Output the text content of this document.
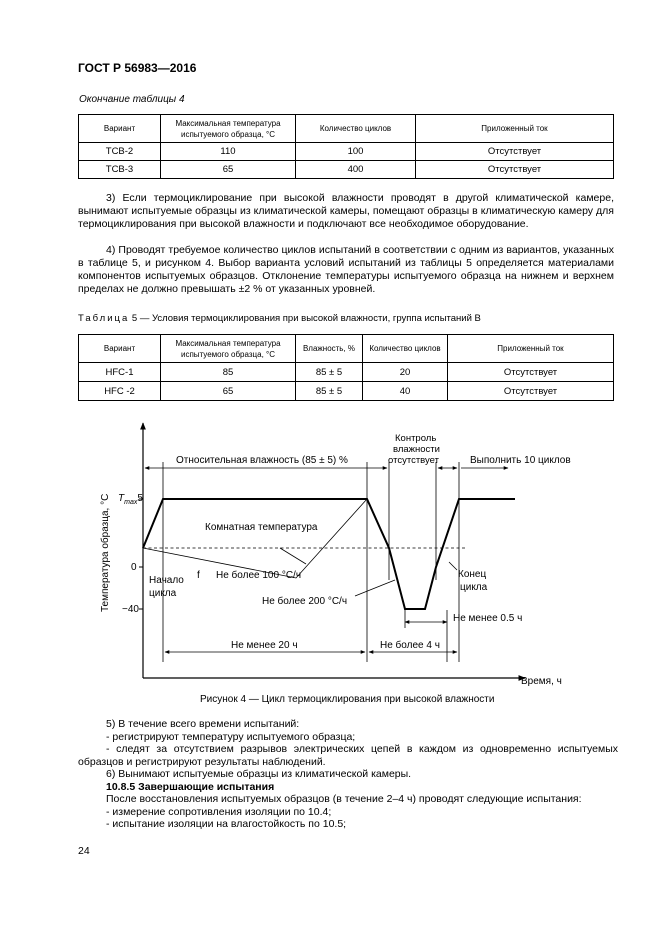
ГОСТ Р 56983—2016
Окончание таблицы 4
Вариант	Максимальная температура испытуемого образца, °С	Количество циклов	Приложенный ток
ТСВ-2	110	100	Отсутствует
ТСВ-3	65	400	Отсутствует
3) Если термоциклирование при высокой влажности проводят в другой климатической камере, вынимают испытуемые образцы из климатической камеры, помещают образцы в климатическую камеру для термоциклирования при высокой влажности и подключают все необходимое оборудование.
4) Проводят требуемое количество циклов испытаний в соответствии с одним из вариантов, указанных в таблице 5, и рисунком 4. Выбор варианта условий испытаний из таблицы 5 определяется материалами компонентов испытуемых образцов. Отклонение температуры испытуемого образца на нижнем и верхнем пределах не должно превышать ±2 % от указанных уровней.
Таблица 5 — Условия термоциклирования при высокой влажности, группа испытаний В
Вариант	Максимальная температура испытуемого образца, °С	Влажность, %	Количество циклов	Приложенный ток
HFC-1	85	85 ± 5	20	Отсутствует
HFC -2	65	85 ± 5	40	Отсутствует
Температура образца, °С $T_{max}5$
0
−40
Время, ч
Относительная влажность (85 ± 5) %
Контроль
влажности
отсутствует	Выполнить 10 циклов
Комнатная температура
Начало f
цикла
Не более 100 °С/ч
Не более 200 °С/ч
Конец
цикла
Не менее 0.5 ч
Не менее 20 ч	Не более 4 ч
Рисунок 4 — Цикл термоциклирования при высокой влажности
5) В течение всего времени испытаний:
- регистрируют температуру испытуемого образца;
- следят за отсутствием разрывов электрических цепей в каждом из одновременно испытуемых образцов и регистрируют результаты наблюдений.
6) Вынимают испытуемые образцы из климатической камеры.
10.8.5 Завершающие испытания
После восстановления испытуемых образцов (в течение 2–4 ч) проводят следующие испытания:
- измерение сопротивления изоляции по 10.4;
- испытание изоляции на влагостойкость по 10.5;
24
